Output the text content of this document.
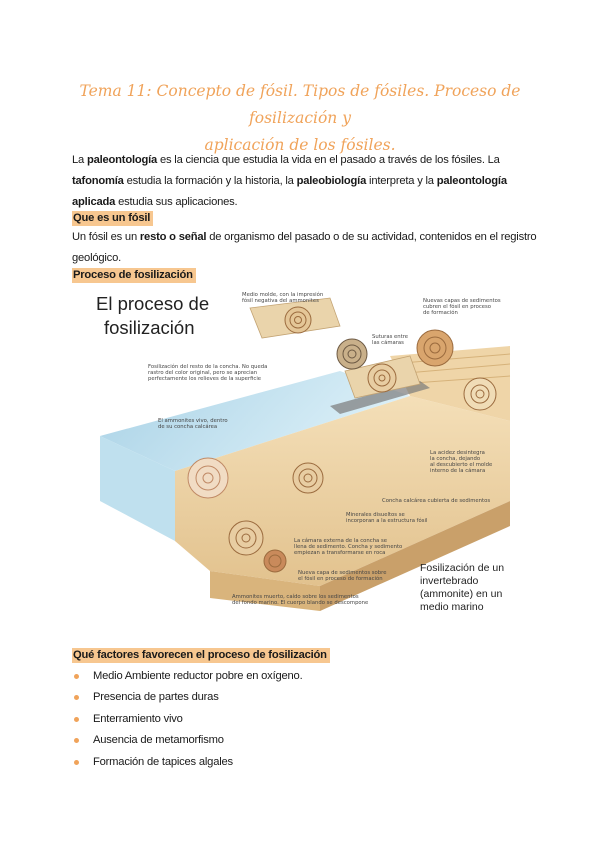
Tema 11: Concepto de fósil. Tipos de fósiles. Proceso de fosilización y
aplicación de los fósiles.
La paleontología es la ciencia que estudia la vida en el pasado a través de los fósiles. La tafonomía estudia la formación y la historia, la paleobiología interpreta y la paleontología aplicada estudia sus aplicaciones.
Que es un fósil
Un fósil es un resto o señal de organismo del pasado o de su actividad, contenidos en el registro geológico.
Proceso de fosilización
El proceso de
fosilización
Medio molde, con la impresión
fósil negativa del ammonites	Nuevas capas de sedimentos
cubren el fósil en proceso
de formación
Suturas entre
las cámaras
Fosilización del resto de la concha. No queda
rastro del color original, pero se aprecian
perfectamente los relieves de la superficie
El ammonites vivo, dentro
de su concha calcárea
La acidez desintegra
la concha, dejando
al descubierto el molde
interno de la cámara
Concha calcárea cubierta de sedimentos
Minerales disueltos se
incorporan a la estructura fósil
La cámara externa de la concha se
llena de sedimento. Concha y sedimento
empiezan a transformarse en roca
Nueva capa de sedimentos sobre
el fósil en proceso de formación
Ammonites muerto, caído sobre los sedimentos
del fondo marino. El cuerpo blando se descompone
Fosilización de un
invertebrado
(ammonite) en un
medio marino
Qué factores favorecen el proceso de fosilización
Medio Ambiente reductor pobre en oxígeno.
Presencia de partes duras
Enterramiento vivo
Ausencia de metamorfismo
Formación de tapices algales
